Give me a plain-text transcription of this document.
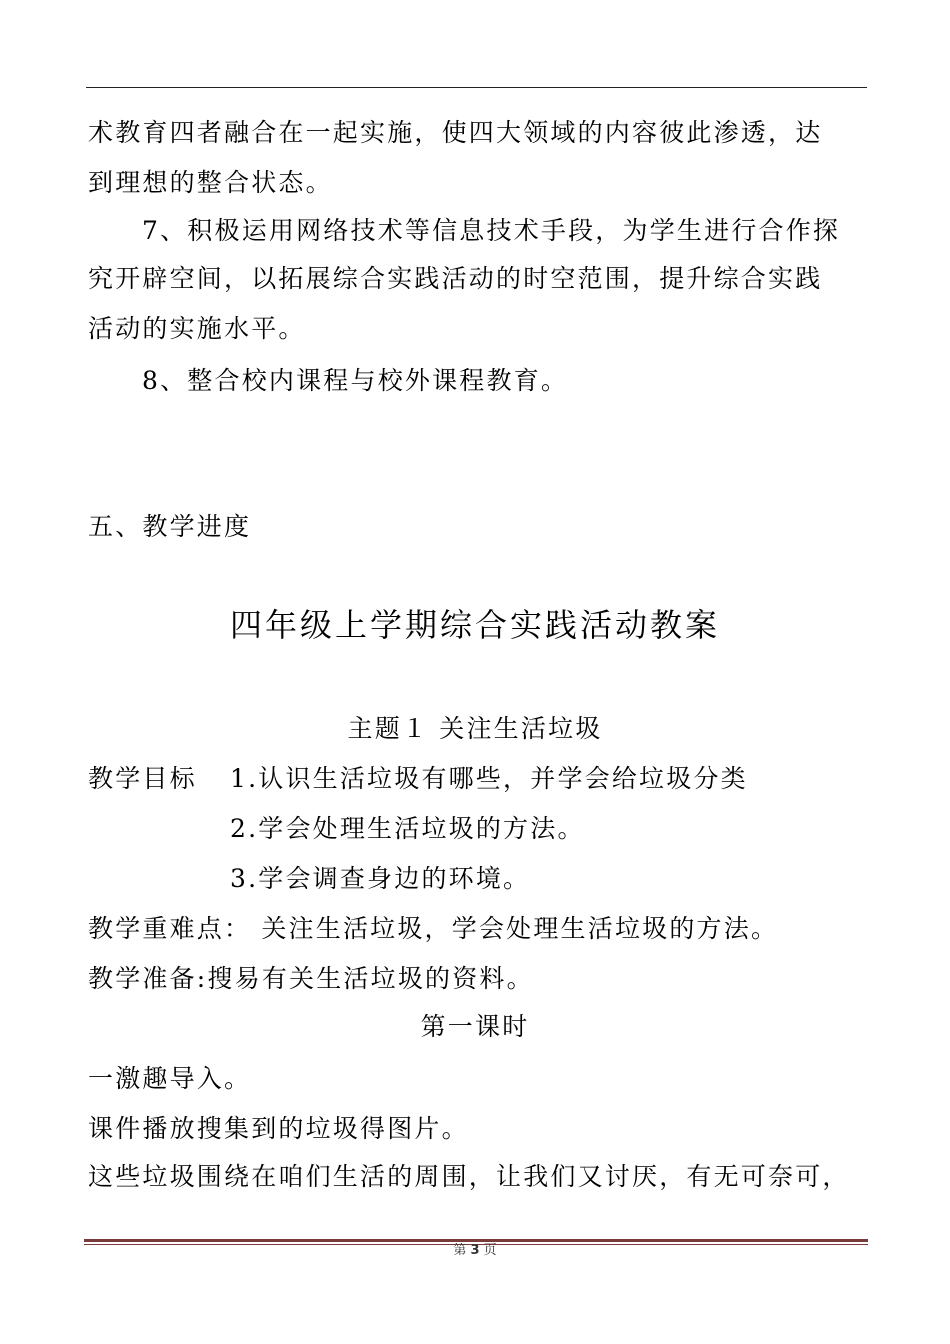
术教育四者融合在一起实施，使四大领域的内容彼此渗透，达
到理想的整合状态。
7、积极运用网络技术等信息技术手段，为学生进行合作探
究开辟空间，以拓展综合实践活动的时空范围，提升综合实践
活动的实施水平。
8、整合校内课程与校外课程教育。
五、教学进度
四年级上学期综合实践活动教案
主题１ 关注生活垃圾
教学目标 1.认识生活垃圾有哪些，并学会给垃圾分类
2.学会处理生活垃圾的方法。
3.学会调查身边的环境。
教学重难点： 关注生活垃圾，学会处理生活垃圾的方法。
教学准备:搜易有关生活垃圾的资料。
第一课时
一激趣导入。
课件播放搜集到的垃圾得图片。
这些垃圾围绕在咱们生活的周围，让我们又讨厌，有无可奈可，
第 3 页
